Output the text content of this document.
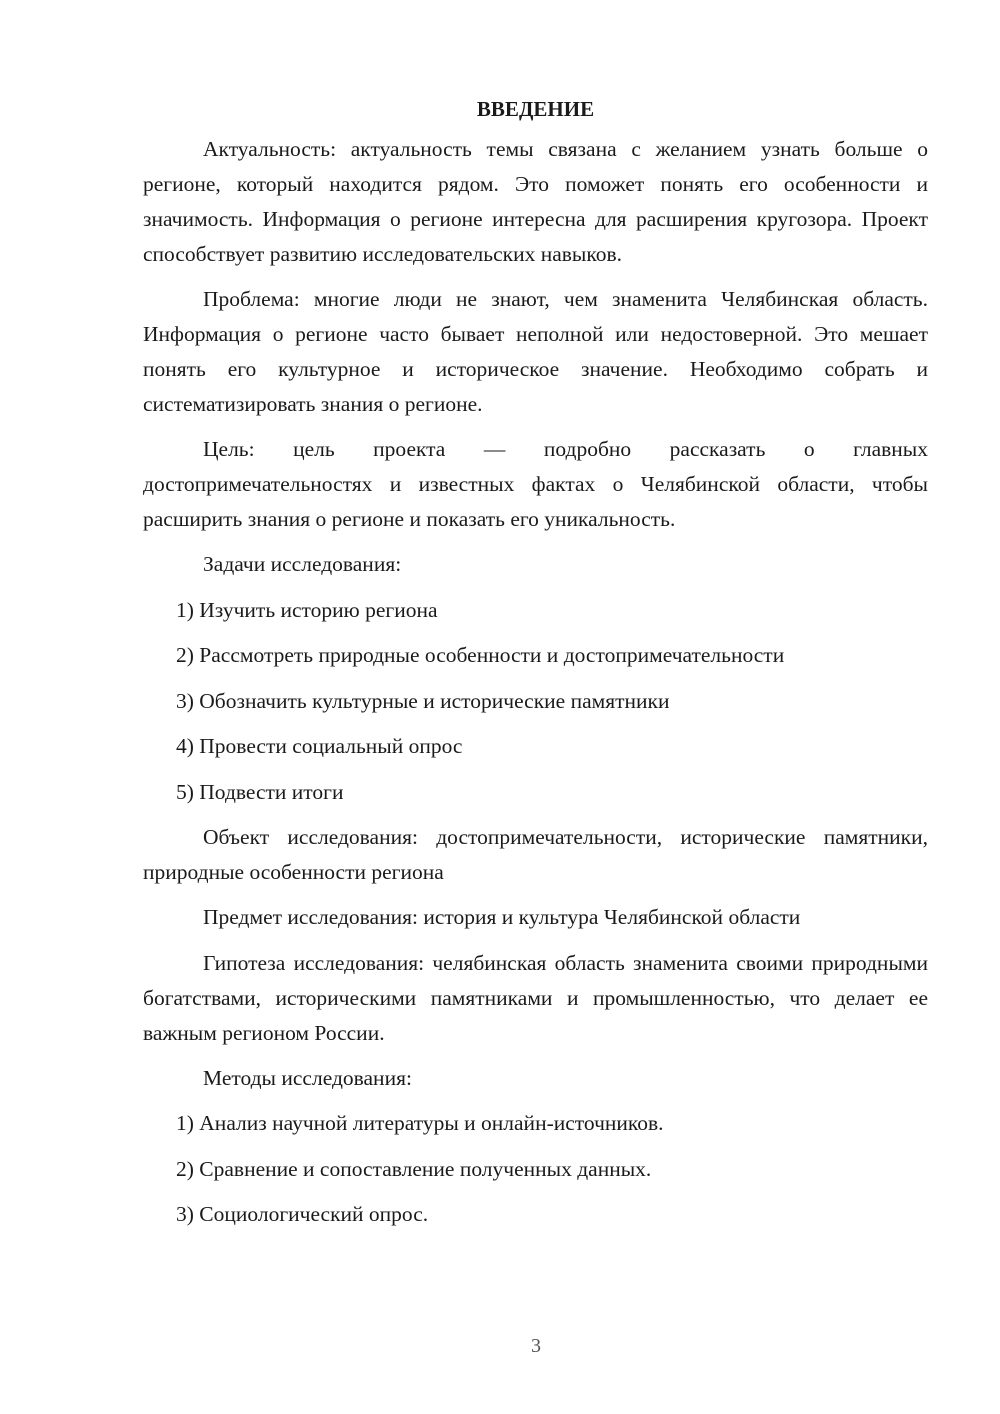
ВВЕДЕНИЕ

Актуальность: актуальность темы связана с желанием узнать больше о регионе, который находится рядом. Это поможет понять его особенности и значимость. Информация о регионе интересна для расширения кругозора. Проект способствует развитию исследовательских навыков.

Проблема: многие люди не знают, чем знаменита Челябинская область. Информация о регионе часто бывает неполной или недостоверной. Это мешает понять его культурное и историческое значение. Необходимо собрать и систематизировать знания о регионе.

Цель: цель проекта — подробно рассказать о главных достопримечательностях и известных фактах о Челябинской области, чтобы расширить знания о регионе и показать его уникальность.

Задачи исследования:

1) Изучить историю региона

2) Рассмотреть природные особенности и достопримечательности

3) Обозначить культурные и исторические памятники

4) Провести социальный опрос

5) Подвести итоги

Объект исследования: достопримечательности, исторические памятники, природные особенности региона

Предмет исследования: история и культура Челябинской области

Гипотеза исследования: челябинская область знаменита своими природными богатствами, историческими памятниками и промышленностью, что делает ее важным регионом России.

Методы исследования:

1) Анализ научной литературы и онлайн-источников.

2) Сравнение и сопоставление полученных данных.

3) Социологический опрос.

3
